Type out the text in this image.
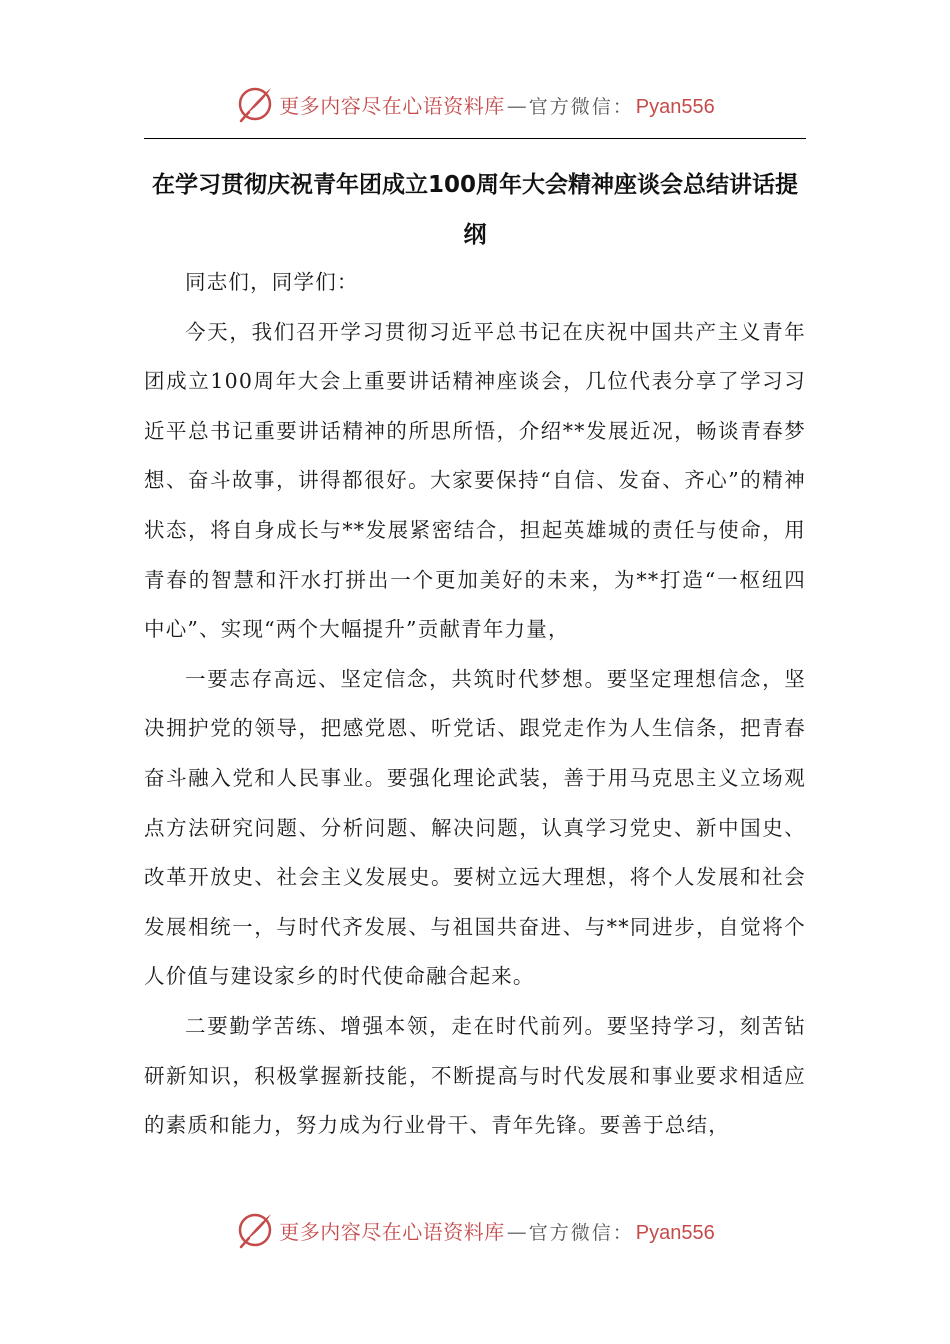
更多内容尽在心语资料库 — 官方微信： Pyan556
在学习贯彻庆祝青年团成立100周年大会精神座谈会总结讲话提纲

同志们，同学们：

今天，我们召开学习贯彻习近平总书记在庆祝中国共产主义青年团成立100周年大会上重要讲话精神座谈会，几位代表分享了学习习近平总书记重要讲话精神的所思所悟，介绍**发展近况，畅谈青春梦想、奋斗故事，讲得都很好。大家要保持“自信、发奋、齐心”的精神状态，将自身成长与**发展紧密结合，担起英雄城的责任与使命，用青春的智慧和汗水打拼出一个更加美好的未来，为**打造“一枢纽四中心”、实现“两个大幅提升”贡献青年力量，

一要志存高远、坚定信念，共筑时代梦想。要坚定理想信念，坚决拥护党的领导，把感党恩、听党话、跟党走作为人生信条，把青春奋斗融入党和人民事业。要强化理论武装，善于用马克思主义立场观点方法研究问题、分析问题、解决问题，认真学习党史、新中国史、改革开放史、社会主义发展史。要树立远大理想，将个人发展和社会发展相统一，与时代齐发展、与祖国共奋进、与**同进步，自觉将个人价值与建设家乡的时代使命融合起来。

二要勤学苦练、增强本领，走在时代前列。要坚持学习，刻苦钻研新知识，积极掌握新技能，不断提高与时代发展和事业要求相适应的素质和能力，努力成为行业骨干、青年先锋。要善于总结，

更多内容尽在心语资料库 — 官方微信： Pyan556
